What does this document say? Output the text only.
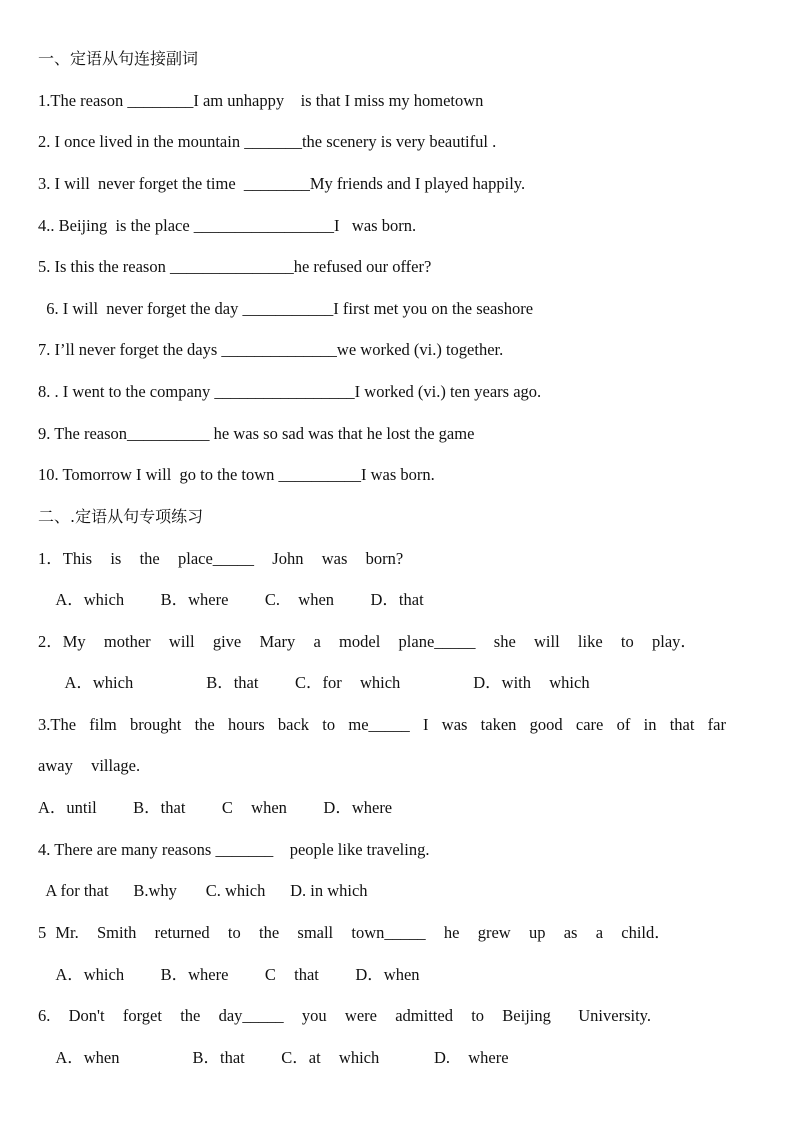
一、定语从句连接副词
1.The reason ________I am unhappy    is that I miss my hometown
2. I once lived in the mountain _______the scenery is very beautiful .
3. I will  never forget the time  ________My friends and I played happily.
4.. Beijing  is the place _________________I   was born.
5. Is this the reason _______________he refused our offer?
6. I will  never forget the day ___________I first met you on the seashore
7. I’ll never forget the days ______________we worked (vi.) together.
8. . I went to the company _________________I worked (vi.) ten years ago.
9. The reason__________ he was so sad was that he lost the game
10. Tomorrow I will  go to the town __________I was born.
二、.定语从句专项练习
1．This  is  the  place_____  John  was  born?
A．which    B．where    C.  when    D．that
2．My  mother  will  give  Mary  a  model  plane_____  she  will  like  to  play．
A．which        B．that    C．for  which        D．with  which
3.The film brought the hours back to me_____ I was taken good care of in that far
away  village.
A．until    B．that    C  when    D．where
4. There are many reasons _______    people like traveling.
A for that      B.why       C. which      D. in which
5 Mr.  Smith  returned  to  the  small  town_____  he  grew  up  as  a  child．
A．which    B．where    C  that    D．when
6.  Don't  forget  the  day_____  you  were  admitted  to  Beijing   University.
A．when        B．that    C．at  which      D.  where
